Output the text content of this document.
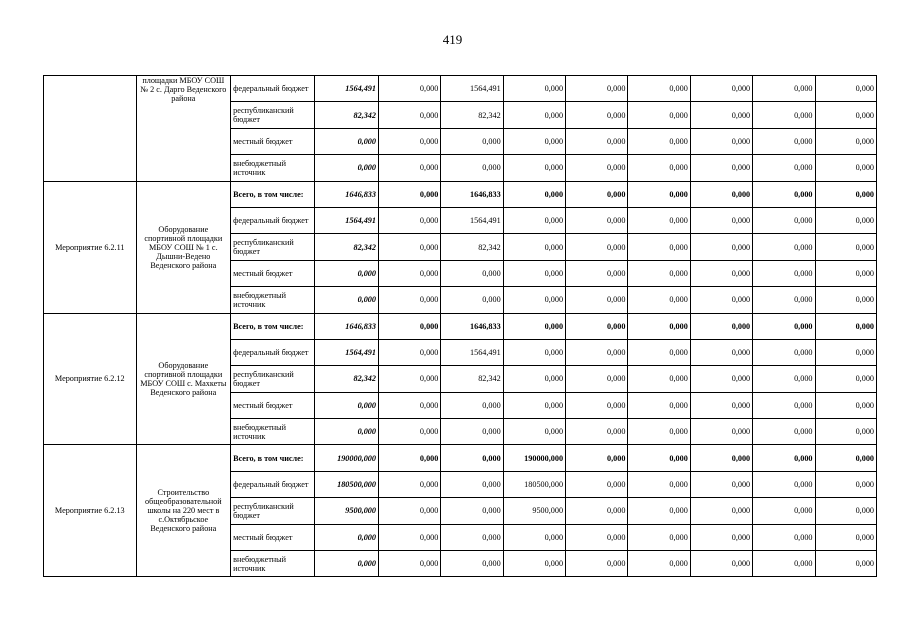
419
	площадки МБОУ СОШ № 2 с. Дарго Веденского района	федеральный бюджет	1564,491	0,000	1564,491	0,000	0,000	0,000	0,000	0,000	0,000
		республиканский бюджет	82,342	0,000	82,342	0,000	0,000	0,000	0,000	0,000	0,000
		местный бюджет	0,000	0,000	0,000	0,000	0,000	0,000	0,000	0,000	0,000
		внебюджетный источник	0,000	0,000	0,000	0,000	0,000	0,000	0,000	0,000	0,000
Мероприятие 6.2.11	Оборудование спортивной площадки МБОУ СОШ № 1 с. Дышни-Ведено Веденского района	Всего, в том числе:	1646,833	0,000	1646,833	0,000	0,000	0,000	0,000	0,000	0,000
		федеральный бюджет	1564,491	0,000	1564,491	0,000	0,000	0,000	0,000	0,000	0,000
		республиканский бюджет	82,342	0,000	82,342	0,000	0,000	0,000	0,000	0,000	0,000
		местный бюджет	0,000	0,000	0,000	0,000	0,000	0,000	0,000	0,000	0,000
		внебюджетный источник	0,000	0,000	0,000	0,000	0,000	0,000	0,000	0,000	0,000
Мероприятие 6.2.12	Оборудование спортивной площадки МБОУ СОШ с. Махкеты Веденского района	Всего, в том числе:	1646,833	0,000	1646,833	0,000	0,000	0,000	0,000	0,000	0,000
		федеральный бюджет	1564,491	0,000	1564,491	0,000	0,000	0,000	0,000	0,000	0,000
		республиканский бюджет	82,342	0,000	82,342	0,000	0,000	0,000	0,000	0,000	0,000
		местный бюджет	0,000	0,000	0,000	0,000	0,000	0,000	0,000	0,000	0,000
		внебюджетный источник	0,000	0,000	0,000	0,000	0,000	0,000	0,000	0,000	0,000
Мероприятие 6.2.13	Строительство общеобразовательной школы на 220 мест в с.Октябрьское Веденского района	Всего, в том числе:	190000,000	0,000	0,000	190000,000	0,000	0,000	0,000	0,000	0,000
		федеральный бюджет	180500,000	0,000	0,000	180500,000	0,000	0,000	0,000	0,000	0,000
		республиканский бюджет	9500,000	0,000	0,000	9500,000	0,000	0,000	0,000	0,000	0,000
		местный бюджет	0,000	0,000	0,000	0,000	0,000	0,000	0,000	0,000	0,000
		внебюджетный источник	0,000	0,000	0,000	0,000	0,000	0,000	0,000	0,000	0,000
